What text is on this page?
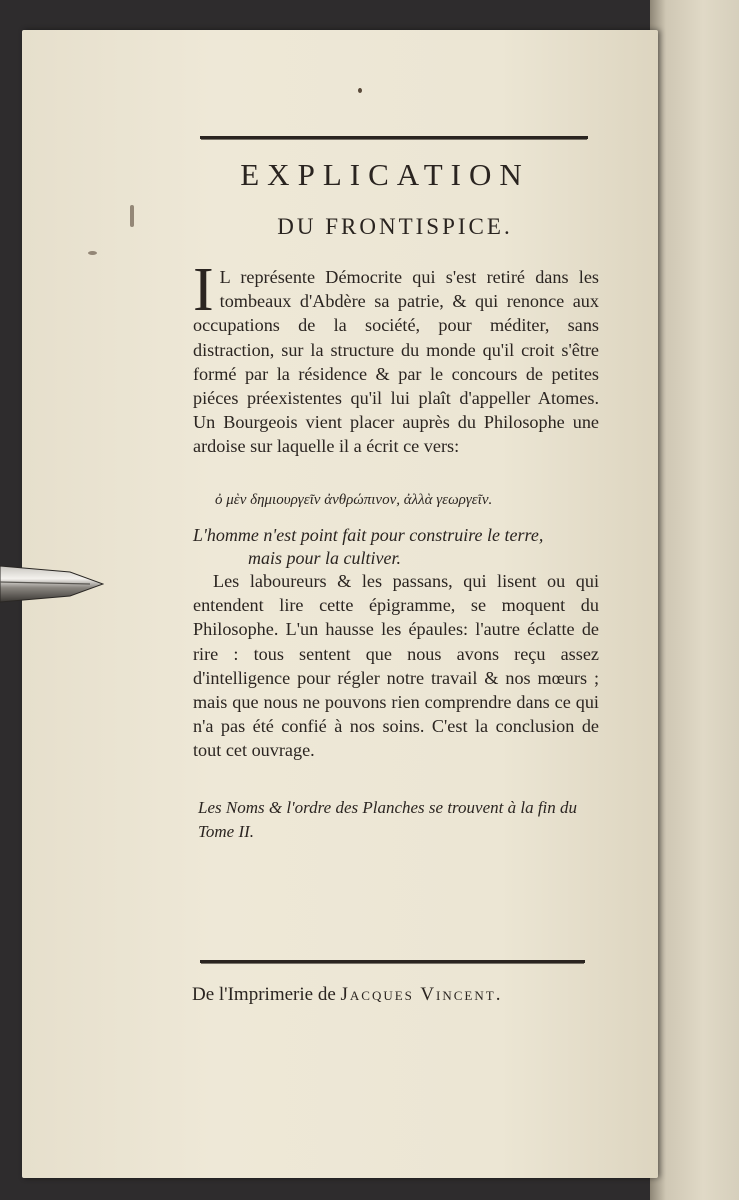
EXPLICATION
DU FRONTISPICE.
I L représente Démocrite qui s'est retiré dans les tombeaux d'Abdère sa patrie, & qui renonce aux occupations de la société, pour méditer, sans distraction, sur la structure du monde qu'il croit s'être formé par la résidence & par le concours de petites piéces préexistentes qu'il lui plaît d'appeller Atomes. Un Bourgeois vient placer auprès du Philosophe une ardoise sur laquelle il a écrit ce vers:
ὀ μὲν δημιουργεῖν ἀνθρώπινον, ἀλλὰ γεωργεῖν.
L'homme n'est point fait pour construire le terre,
mais pour la cultiver.
Les laboureurs & les passans, qui lisent ou qui entendent lire cette épigramme, se moquent du Philosophe. L'un hausse les épaules: l'autre éclatte de rire : tous sentent que nous avons reçu assez d'intelligence pour régler notre travail & nos mœurs ; mais que nous ne pouvons rien comprendre dans ce qui n'a pas été confié à nos soins. C'est la conclusion de tout cet ouvrage.
Les Noms & l'ordre des Planches se trouvent à la fin du Tome II.
De l'Imprimerie de Jacques Vincent.
